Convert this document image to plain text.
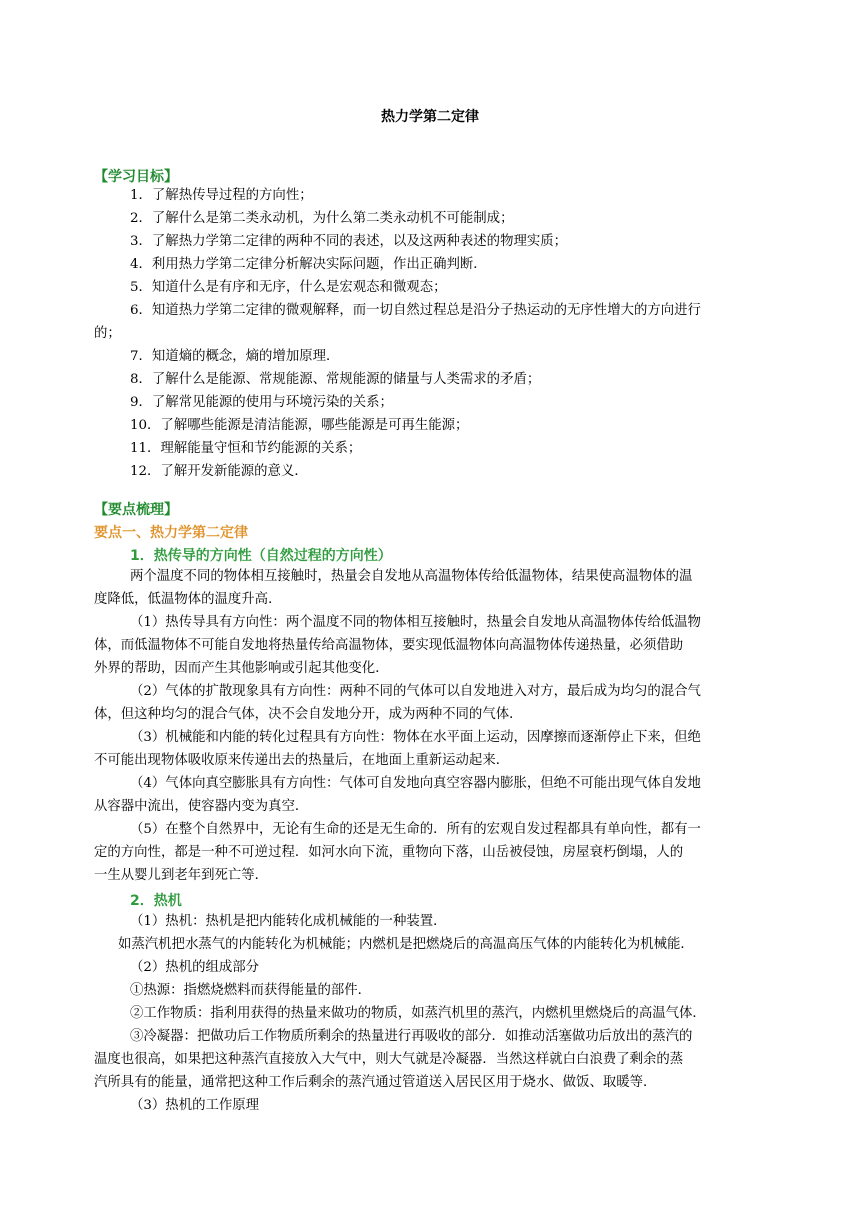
热力学第二定律
【学习目标】
1．了解热传导过程的方向性；
2．了解什么是第二类永动机，为什么第二类永动机不可能制成；
3．了解热力学第二定律的两种不同的表述，以及这两种表述的物理实质；
4．利用热力学第二定律分析解决实际问题，作出正确判断．
5．知道什么是有序和无序，什么是宏观态和微观态；
6．知道热力学第二定律的微观解释，而一切自然过程总是沿分子热运动的无序性增大的方向进行
的；
7．知道熵的概念，熵的增加原理．
8．了解什么是能源、常规能源、常规能源的储量与人类需求的矛盾；
9．了解常见能源的使用与环境污染的关系；
10．了解哪些能源是清洁能源，哪些能源是可再生能源；
11．理解能量守恒和节约能源的关系；
12．了解开发新能源的意义．
【要点梳理】
要点一、热力学第二定律
1．热传导的方向性（自然过程的方向性）
两个温度不同的物体相互接触时，热量会自发地从高温物体传给低温物体，结果使高温物体的温
度降低，低温物体的温度升高．
（1）热传导具有方向性：两个温度不同的物体相互接触时，热量会自发地从高温物体传给低温物
体，而低温物体不可能自发地将热量传给高温物体，要实现低温物体向高温物体传递热量，必须借助
外界的帮助，因而产生其他影响或引起其他变化．
（2）气体的扩散现象具有方向性：两种不同的气体可以自发地进入对方，最后成为均匀的混合气
体，但这种均匀的混合气体，决不会自发地分开，成为两种不同的气体．
（3）机械能和内能的转化过程具有方向性：物体在水平面上运动，因摩擦而逐渐停止下来，但绝
不可能出现物体吸收原来传递出去的热量后，在地面上重新运动起来．
（4）气体向真空膨胀具有方向性：气体可自发地向真空容器内膨胀，但绝不可能出现气体自发地
从容器中流出，使容器内变为真空．
（5）在整个自然界中，无论有生命的还是无生命的．所有的宏观自发过程都具有单向性，都有一
定的方向性，都是一种不可逆过程．如河水向下流，重物向下落，山岳被侵蚀，房屋衰朽倒塌，人的
一生从婴儿到老年到死亡等．
2．热机
（1）热机：热机是把内能转化成机械能的一种装置．
如蒸汽机把水蒸气的内能转化为机械能；内燃机是把燃烧后的高温高压气体的内能转化为机械能．
（2）热机的组成部分
①热源：指燃烧燃料而获得能量的部件．
②工作物质：指利用获得的热量来做功的物质，如蒸汽机里的蒸汽，内燃机里燃烧后的高温气体．
③冷凝器：把做功后工作物质所剩余的热量进行再吸收的部分．如推动活塞做功后放出的蒸汽的
温度也很高，如果把这种蒸汽直接放入大气中，则大气就是冷凝器．当然这样就白白浪费了剩余的蒸
汽所具有的能量，通常把这种工作后剩余的蒸汽通过管道送入居民区用于烧水、做饭、取暖等．
（3）热机的工作原理
